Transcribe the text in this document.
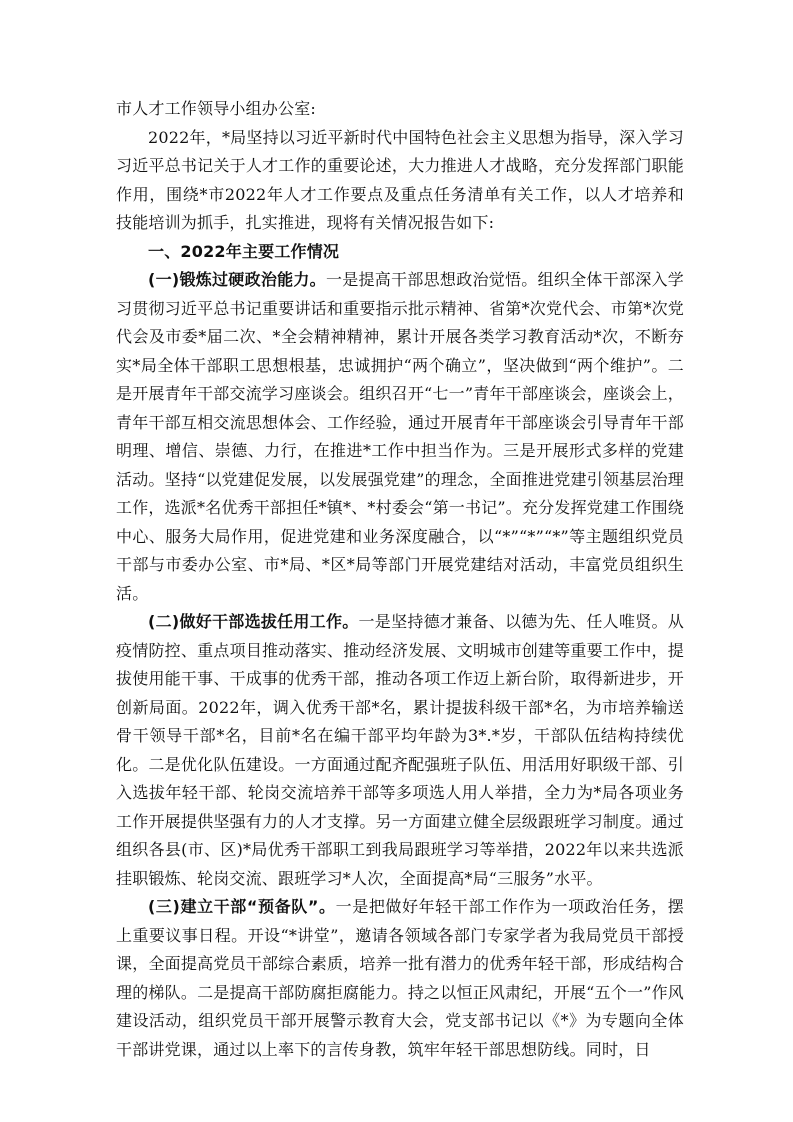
市人才工作领导小组办公室:

2022年，*局坚持以习近平新时代中国特色社会主义思想为指导，深入学习习近平总书记关于人才工作的重要论述，大力推进人才战略，充分发挥部门职能作用，围绕*市2022年人才工作要点及重点任务清单有关工作，以人才培养和技能培训为抓手，扎实推进，现将有关情况报告如下:

一、2022年主要工作情况

(一)锻炼过硬政治能力。一是提高干部思想政治觉悟。组织全体干部深入学习贯彻习近平总书记重要讲话和重要指示批示精神、省第*次党代会、市第*次党代会及市委*届二次、*全会精神精神，累计开展各类学习教育活动*次，不断夯实*局全体干部职工思想根基，忠诚拥护“两个确立”，坚决做到“两个维护”。二是开展青年干部交流学习座谈会。组织召开“七一”青年干部座谈会，座谈会上，青年干部互相交流思想体会、工作经验，通过开展青年干部座谈会引导青年干部明理、增信、崇德、力行，在推进*工作中担当作为。三是开展形式多样的党建活动。坚持“以党建促发展，以发展强党建”的理念，全面推进党建引领基层治理工作，选派*名优秀干部担任*镇*、*村委会“第一书记”。充分发挥党建工作围绕中心、服务大局作用，促进党建和业务深度融合，以“*”“*”“*”等主题组织党员干部与市委办公室、市*局、*区*局等部门开展党建结对活动，丰富党员组织生活。

(二)做好干部选拔任用工作。一是坚持德才兼备、以德为先、任人唯贤。从疫情防控、重点项目推动落实、推动经济发展、文明城市创建等重要工作中，提拔使用能干事、干成事的优秀干部，推动各项工作迈上新台阶，取得新进步，开创新局面。2022年，调入优秀干部*名，累计提拔科级干部*名，为市培养输送骨干领导干部*名，目前*名在编干部平均年龄为3*.*岁，干部队伍结构持续优化。二是优化队伍建设。一方面通过配齐配强班子队伍、用活用好职级干部、引入选拔年轻干部、轮岗交流培养干部等多项选人用人举措，全力为*局各项业务工作开展提供坚强有力的人才支撑。另一方面建立健全层级跟班学习制度。通过组织各县(市、区)*局优秀干部职工到我局跟班学习等举措，2022年以来共选派挂职锻炼、轮岗交流、跟班学习*人次，全面提高*局“三服务”水平。

(三)建立干部“预备队”。一是把做好年轻干部工作作为一项政治任务，摆上重要议事日程。开设“*讲堂”，邀请各领域各部门专家学者为我局党员干部授课，全面提高党员干部综合素质，培养一批有潜力的优秀年轻干部，形成结构合理的梯队。二是提高干部防腐拒腐能力。持之以恒正风肃纪，开展“五个一”作风建设活动，组织党员干部开展警示教育大会，党支部书记以《*》为专题向全体干部讲党课，通过以上率下的言传身教，筑牢年轻干部思想防线。同时，日
